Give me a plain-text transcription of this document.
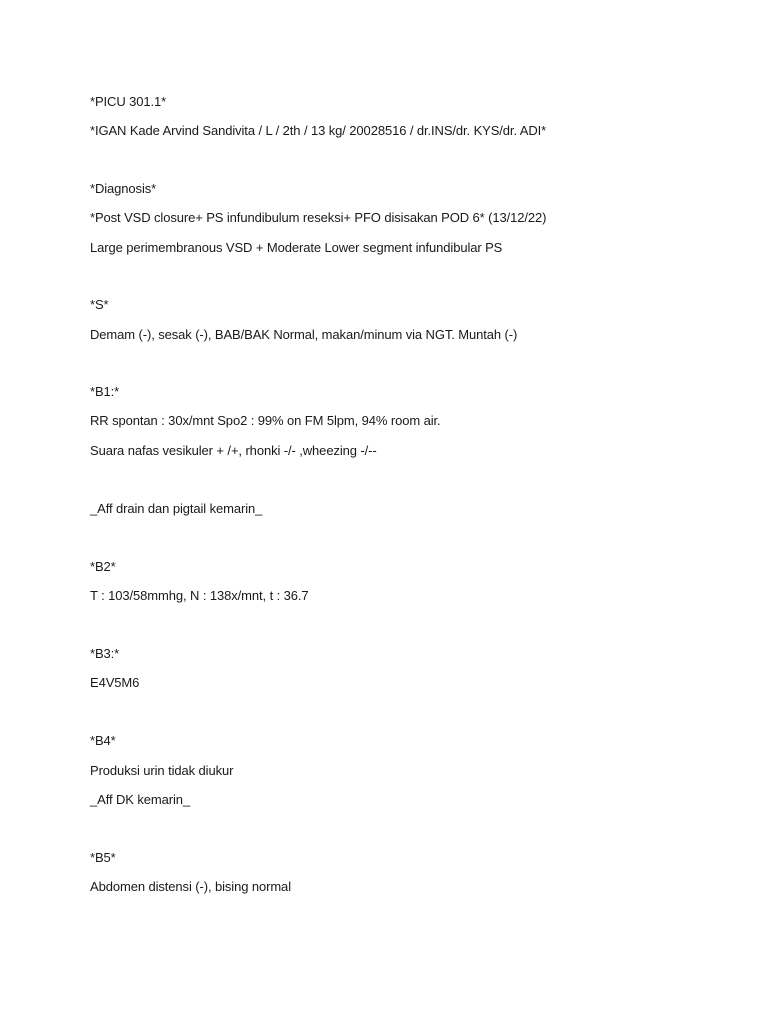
*PICU 301.1*
*IGAN Kade Arvind Sandivita / L / 2th / 13 kg/ 20028516 / dr.INS/dr. KYS/dr. ADI*
*Diagnosis*
*Post VSD closure+ PS infundibulum reseksi+ PFO disisakan POD 6* (13/12/22)
Large perimembranous VSD + Moderate Lower segment infundibular PS
*S*
Demam (-), sesak (-), BAB/BAK Normal, makan/minum via NGT. Muntah (-)
*B1:*
RR spontan : 30x/mnt Spo2 : 99% on FM 5lpm, 94% room air.
Suara nafas vesikuler + /+, rhonki -/- ,wheezing -/--
_Aff drain dan pigtail kemarin_
*B2*
T : 103/58mmhg, N : 138x/mnt, t : 36.7
*B3:*
E4V5M6
*B4*
Produksi urin tidak diukur
_Aff DK kemarin_
*B5*
Abdomen distensi (-), bising normal
